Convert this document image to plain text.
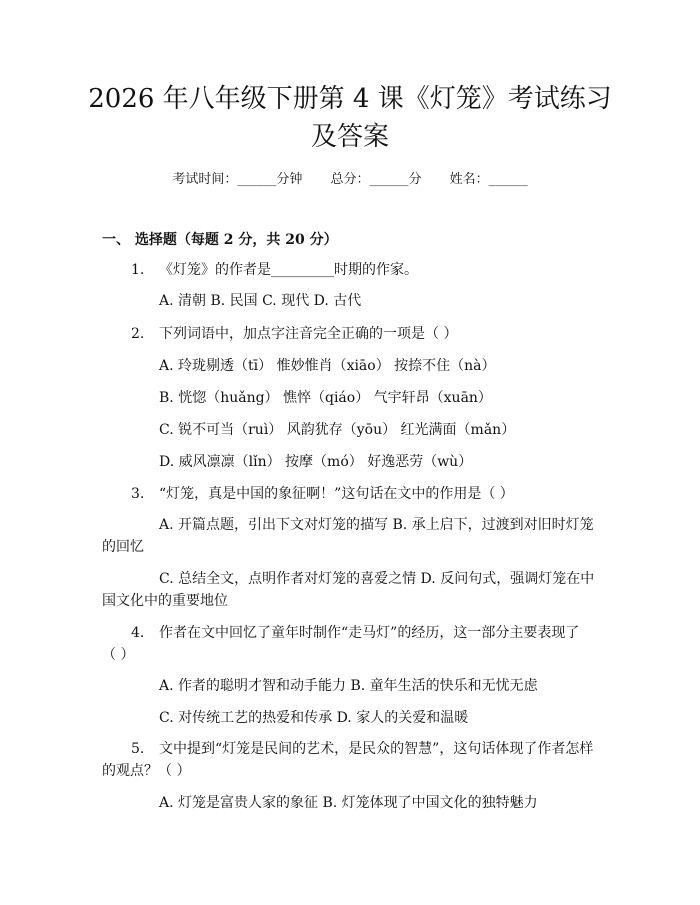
2026 年八年级下册第 4 课《灯笼》考试练习
及答案
考试时间：______分钟 总分：______分 姓名：______
一、 选择题（每题 2 分，共 20 分）
1. 《灯笼》的作者是_________时期的作家。
A. 清朝 B. 民国 C. 现代 D. 古代
2. 下列词语中，加点字注音完全正确的一项是（ ）
A. 玲珑剔透（tī） 惟妙惟肖（xiāo） 按捺不住（nà）
B. 恍惚（huǎng） 憔悴（qiáo） 气宇轩昂（xuān）
C. 锐不可当（ruì） 风韵犹存（yōu） 红光满面（mǎn）
D. 威风凛凛（lǐn） 按摩（mó） 好逸恶劳（wù）
3. “灯笼，真是中国的象征啊！”这句话在文中的作用是（ ）
A. 开篇点题，引出下文对灯笼的描写 B. 承上启下，过渡到对旧时灯笼
的回忆
C. 总结全文，点明作者对灯笼的喜爱之情 D. 反问句式，强调灯笼在中
国文化中的重要地位
4. 作者在文中回忆了童年时制作“走马灯”的经历，这一部分主要表现了
（ ）
A. 作者的聪明才智和动手能力 B. 童年生活的快乐和无忧无虑
C. 对传统工艺的热爱和传承 D. 家人的关爱和温暖
5. 文中提到“灯笼是民间的艺术，是民众的智慧”，这句话体现了作者怎样
的观点？（ ）
A. 灯笼是富贵人家的象征 B. 灯笼体现了中国文化的独特魅力
